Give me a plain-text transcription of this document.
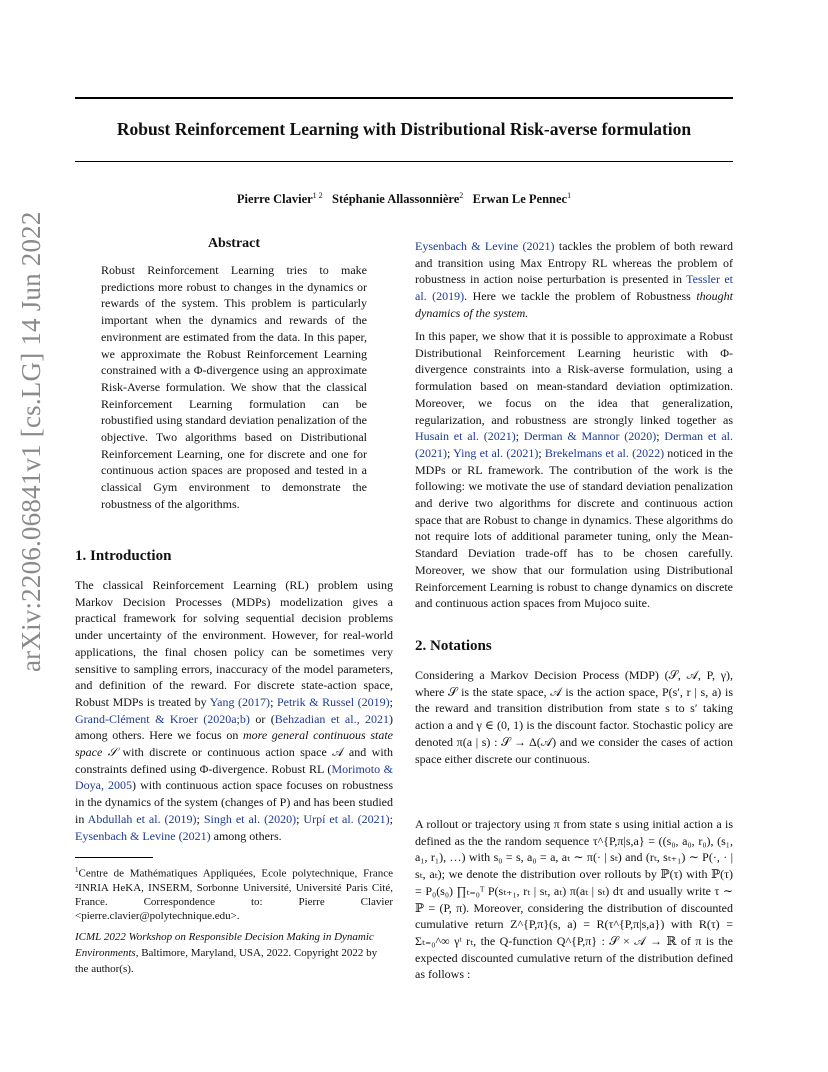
arXiv:2206.06841v1 [cs.LG] 14 Jun 2022
Robust Reinforcement Learning with Distributional Risk-averse formulation
Pierre Clavier$^{1 2}$ Stéphanie Allassonnière$^2$ Erwan Le Pennec$^1$
Abstract
Robust Reinforcement Learning tries to make predictions more robust to changes in the dynamics or rewards of the system. This problem is particularly important when the dynamics and rewards of the environment are estimated from the data. In this paper, we approximate the Robust Reinforcement Learning constrained with a Φ-divergence using an approximate Risk-Averse formulation. We show that the classical Reinforcement Learning formulation can be robustified using standard deviation penalization of the objective. Two algorithms based on Distributional Reinforcement Learning, one for discrete and one for continuous action spaces are proposed and tested in a classical Gym environment to demonstrate the robustness of the algorithms.
1. Introduction

The classical Reinforcement Learning (RL) problem using Markov Decision Processes (MDPs) modelization gives a practical framework for solving sequential decision problems under uncertainty of the environment. However, for real-world applications, the final chosen policy can be sometimes very sensitive to sampling errors, inaccuracy of the model parameters, and definition of the reward. For discrete state-action space, Robust MDPs is treated by Yang (2017); Petrik & Russel (2019); Grand-Clément & Kroer (2020a;b) or (Behzadian et al., 2021) among others. Here we focus on more general continuous state space 𝒮 with discrete or continuous action space 𝒜 and with constraints defined using Φ-divergence. Robust RL (Morimoto & Doya, 2005) with continuous action space focuses on robustness in the dynamics of the system (changes of P) and has been studied in Abdullah et al. (2019); Singh et al. (2020); Urpí et al. (2021); Eysenbach & Levine (2021) among others.

$^1$Centre de Mathématiques Appliquées, Ecole polytechnique, France ²INRIA HeKA, INSERM, Sorbonne Université, Université Paris Cité, France. Correspondence to: Pierre Clavier <pierre.clavier@polytechnique.edu>.
ICML 2022 Workshop on Responsible Decision Making in Dynamic Environments, Baltimore, Maryland, USA, 2022. Copyright 2022 by the author(s).

Eysenbach & Levine (2021) tackles the problem of both reward and transition using Max Entropy RL whereas the problem of robustness in action noise perturbation is presented in Tessler et al. (2019). Here we tackle the problem of Robustness thought dynamics of the system.

In this paper, we show that it is possible to approximate a Robust Distributional Reinforcement Learning heuristic with Φ-divergence constraints into a Risk-averse formulation, using a formulation based on mean-standard deviation optimization. Moreover, we focus on the idea that generalization, regularization, and robustness are strongly linked together as Husain et al. (2021); Derman & Mannor (2020); Derman et al. (2021); Ying et al. (2021); Brekelmans et al. (2022) noticed in the MDPs or RL framework. The contribution of the work is the following: we motivate the use of standard deviation penalization and derive two algorithms for discrete and continuous action space that are Robust to change in dynamics. These algorithms do not require lots of additional parameter tuning, only the Mean-Standard Deviation trade-off has to be chosen carefully. Moreover, we show that our formulation using Distributional Reinforcement Learning is robust to change dynamics on discrete and continuous action spaces from Mujoco suite.

2. Notations
Considering a Markov Decision Process (MDP) (𝒮, 𝒜, P, γ), where 𝒮 is the state space, 𝒜 is the action space, P(s′, r | s, a) is the reward and transition distribution from state s to s′ taking action a and γ ∈ (0, 1) is the discount factor. Stochastic policy are denoted π(a | s) : 𝒮 → Δ(𝒜) and we consider the cases of action space either discrete our continuous.
A rollout or trajectory using π from state s using initial action a is defined as the the random sequence τ^{P,π|s,a} = ((s₀, a₀, r₀), (s₁, a₁, r₁), …) with s₀ = s, a₀ = a, aₜ ∼ π(· | sₜ) and (rₜ, sₜ₊₁) ∼ P(·, · | sₜ, aₜ); we denote the distribution over rollouts by ℙ(τ) with ℙ(τ) = P₀(s₀) ∏ₜ₌₀ᵀ P(sₜ₊₁, rₜ | sₜ, aₜ) π(aₜ | sₜ) dτ and usually write τ ∼ ℙ = (P, π). Moreover, considering the distribution of discounted cumulative return Z^{P,π}(s, a) = R(τ^{P,π|s,a}) with R(τ) = Σₜ₌₀^∞ γᵗ rₜ, the Q-function Q^{P,π} : 𝒮 × 𝒜 → ℝ of π is the expected discounted cumulative return of the distribution defined as follows :
